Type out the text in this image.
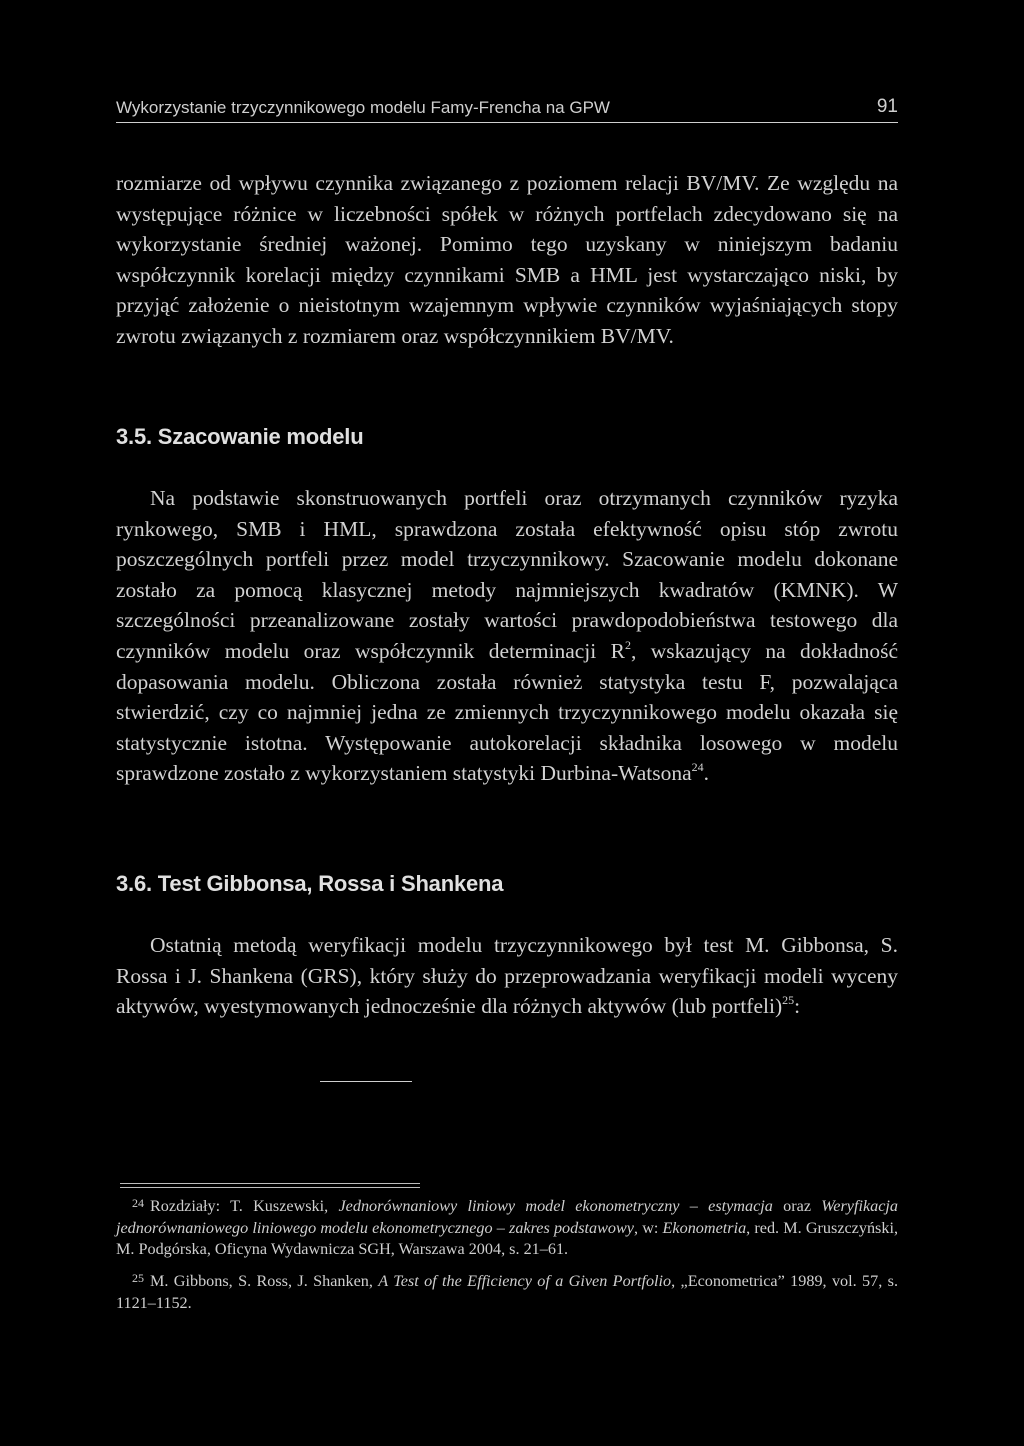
Wykorzystanie trzyczynnikowego modelu Famy-Frencha na GPW	91

rozmiarze od wpływu czynnika związanego z poziomem relacji BV/MV. Ze względu na występujące różnice w liczebności spółek w różnych portfelach zdecydowano się na wykorzystanie średniej ważonej. Pomimo tego uzyskany w niniejszym badaniu współczynnik korelacji między czynnikami SMB a HML jest wystarczająco niski, by przyjąć założenie o nieistotnym wzajemnym wpływie czynników wyjaśniających stopy zwrotu związanych z rozmiarem oraz współczynnikiem BV/MV.

3.5. Szacowanie modelu

Na podstawie skonstruowanych portfeli oraz otrzymanych czynników ryzyka rynkowego, SMB i HML, sprawdzona została efektywność opisu stóp zwrotu poszczególnych portfeli przez model trzyczynnikowy. Szacowanie modelu dokonane zostało za pomocą klasycznej metody najmniejszych kwadratów (KMNK). W szczególności przeanalizowane zostały wartości prawdopodobieństwa testowego dla czynników modelu oraz współczynnik determinacji $R^2$, wskazujący na dokładność dopasowania modelu. Obliczona została również statystyka testu F, pozwalająca stwierdzić, czy co najmniej jedna ze zmiennych trzyczynnikowego modelu okazała się statystycznie istotna. Występowanie autokorelacji składnika losowego w modelu sprawdzone zostało z wykorzystaniem statystyki Durbina-Watsona$^{24}$.

3.6. Test Gibbonsa, Rossa i Shankena

Ostatnią metodą weryfikacji modelu trzyczynnikowego był test M. Gibbonsa, S. Rossa i J. Shankena (GRS), który służy do przeprowadzania weryfikacji modeli wyceny aktywów, wyestymowanych jednocześnie dla różnych aktywów (lub portfeli)$^{25}$:

$^{24}$ Rozdziały: T. Kuszewski, Jednorównaniowy liniowy model ekonometryczny – estymacja oraz Weryfikacja jednorównaniowego liniowego modelu ekonometrycznego – zakres podstawowy, w: Ekonometria, red. M. Gruszczyński, M. Podgórska, Oficyna Wydawnicza SGH, Warszawa 2004, s. 21–61.

$^{25}$ M. Gibbons, S. Ross, J. Shanken, A Test of the Efficiency of a Given Portfolio, „Econometrica” 1989, vol. 57, s. 1121–1152.
